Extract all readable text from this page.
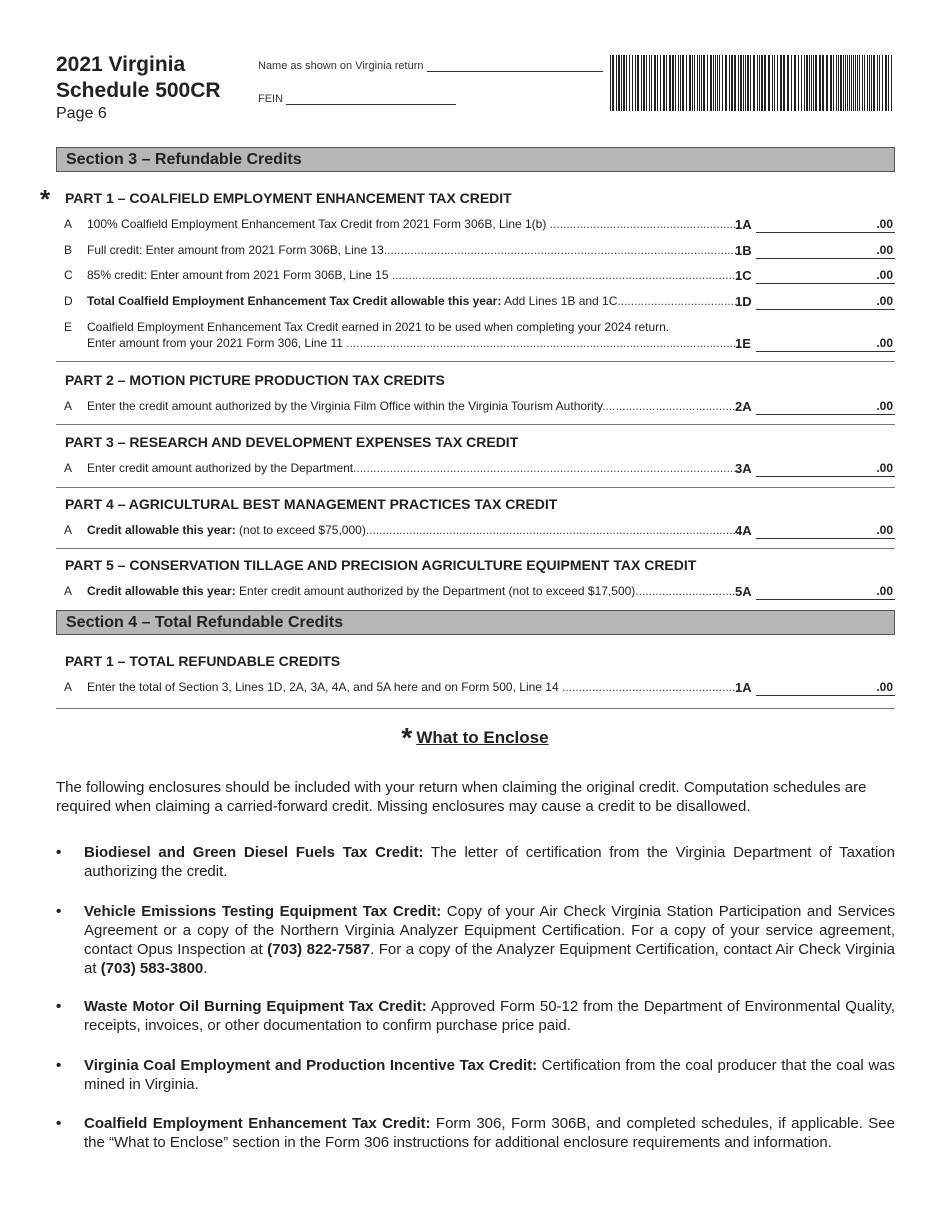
2021 Virginia
Schedule 500CR
Page 6
Name as shown on Virginia return
FEIN
Section 3 – Refundable Credits
* PART 1 – COALFIELD EMPLOYMENT ENHANCEMENT TAX CREDIT
A 100% Coalfield Employment Enhancement Tax Credit from 2021 Form 306B, Line 1(b) .....	1A	.00
B Full credit: Enter amount from 2021 Form 306B, Line 13 .....	1B	.00
C 85% credit: Enter amount from 2021 Form 306B, Line 15 .....	1C	.00
D Total Coalfield Employment Enhancement Tax Credit allowable this year: Add Lines 1B and 1C .....	1D	.00
E Coalfield Employment Enhancement Tax Credit earned in 2021 to be used when completing your 2024 return.
Enter amount from your 2021 Form 306, Line 11 .....	1E	.00
PART 2 – MOTION PICTURE PRODUCTION TAX CREDITS
A Enter the credit amount authorized by the Virginia Film Office within the Virginia Tourism Authority .....	2A	.00
PART 3 – RESEARCH AND DEVELOPMENT EXPENSES TAX CREDIT
A Enter credit amount authorized by the Department .....	3A	.00
PART 4 – AGRICULTURAL BEST MANAGEMENT PRACTICES TAX CREDIT
A Credit allowable this year: (not to exceed $75,000) .....	4A	.00
PART 5 – CONSERVATION TILLAGE AND PRECISION AGRICULTURE EQUIPMENT TAX CREDIT
A Credit allowable this year: Enter credit amount authorized by the Department (not to exceed $17,500) .....	5A	.00
Section 4 – Total Refundable Credits
PART 1 – TOTAL REFUNDABLE CREDITS
A Enter the total of Section 3, Lines 1D, 2A, 3A, 4A, and 5A here and on Form 500, Line 14 .....	1A	.00
* What to Enclose
The following enclosures should be included with your return when claiming the original credit. Computation schedules are required when claiming a carried-forward credit. Missing enclosures may cause a credit to be disallowed.
• Biodiesel and Green Diesel Fuels Tax Credit: The letter of certification from the Virginia Department of Taxation authorizing the credit.
• Vehicle Emissions Testing Equipment Tax Credit: Copy of your Air Check Virginia Station Participation and Services Agreement or a copy of the Northern Virginia Analyzer Equipment Certification. For a copy of your service agreement, contact Opus Inspection at (703) 822-7587. For a copy of the Analyzer Equipment Certification, contact Air Check Virginia at (703) 583-3800.
• Waste Motor Oil Burning Equipment Tax Credit: Approved Form 50-12 from the Department of Environmental Quality, receipts, invoices, or other documentation to confirm purchase price paid.
• Virginia Coal Employment and Production Incentive Tax Credit: Certification from the coal producer that the coal was mined in Virginia.
• Coalfield Employment Enhancement Tax Credit: Form 306, Form 306B, and completed schedules, if applicable. See the “What to Enclose” section in the Form 306 instructions for additional enclosure requirements and information.
